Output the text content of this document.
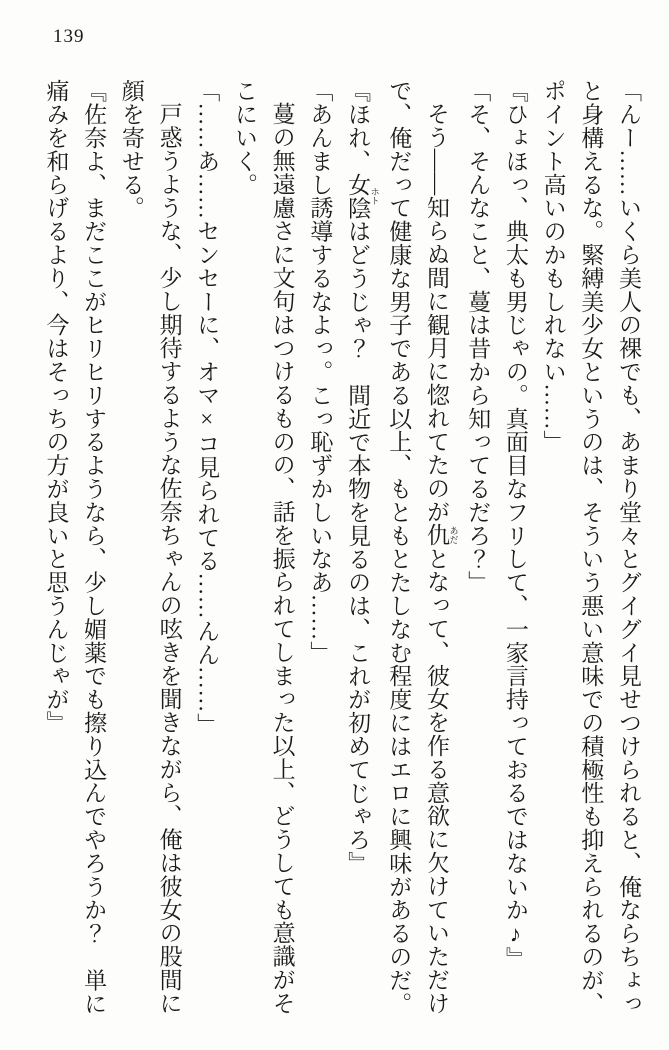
139

「んー……いくら美人の裸でも、あまり堂々とグイグイ見せつけられると、俺ならちょっと身構えるな。緊縛美少女というのは、そういう悪い意味での積極性も抑えられるのが、ポイント高いのかもしれない……」

『ひょほっ、典太も男じゃの。真面目なフリして、一家言持っておるではないか♪』

「そ、そんなこと、蔓は昔から知ってるだろ？」

そう――知らぬ間に観月に惚れてたのが仇 あだとなって、彼女を作る意欲に欠けていただけで、俺だって健康な男子である以上、もともとたしなむ程度にはエロに興味があるのだ。

『ほれ、女陰 ホトはどうじゃ？　間近で本物を見るのは、これが初めてじゃろ』

「あんまし誘導するなよっ。こっ恥ずかしいなあ……」

蔓の無遠慮さに文句はつけるものの、話を振られてしまった以上、どうしても意識がそこにいく。

「……あ……センセーに、オマ×コ見られてる……んん……」

戸惑うような、少し期待するような佐奈ちゃんの呟きを聞きながら、俺は彼女の股間に顔を寄せる。

『佐奈よ、まだここがヒリヒリするようなら、少し媚薬でも擦り込んでやろうか？　単に痛みを和らげるより、今はそっちの方が良いと思うんじゃが』
